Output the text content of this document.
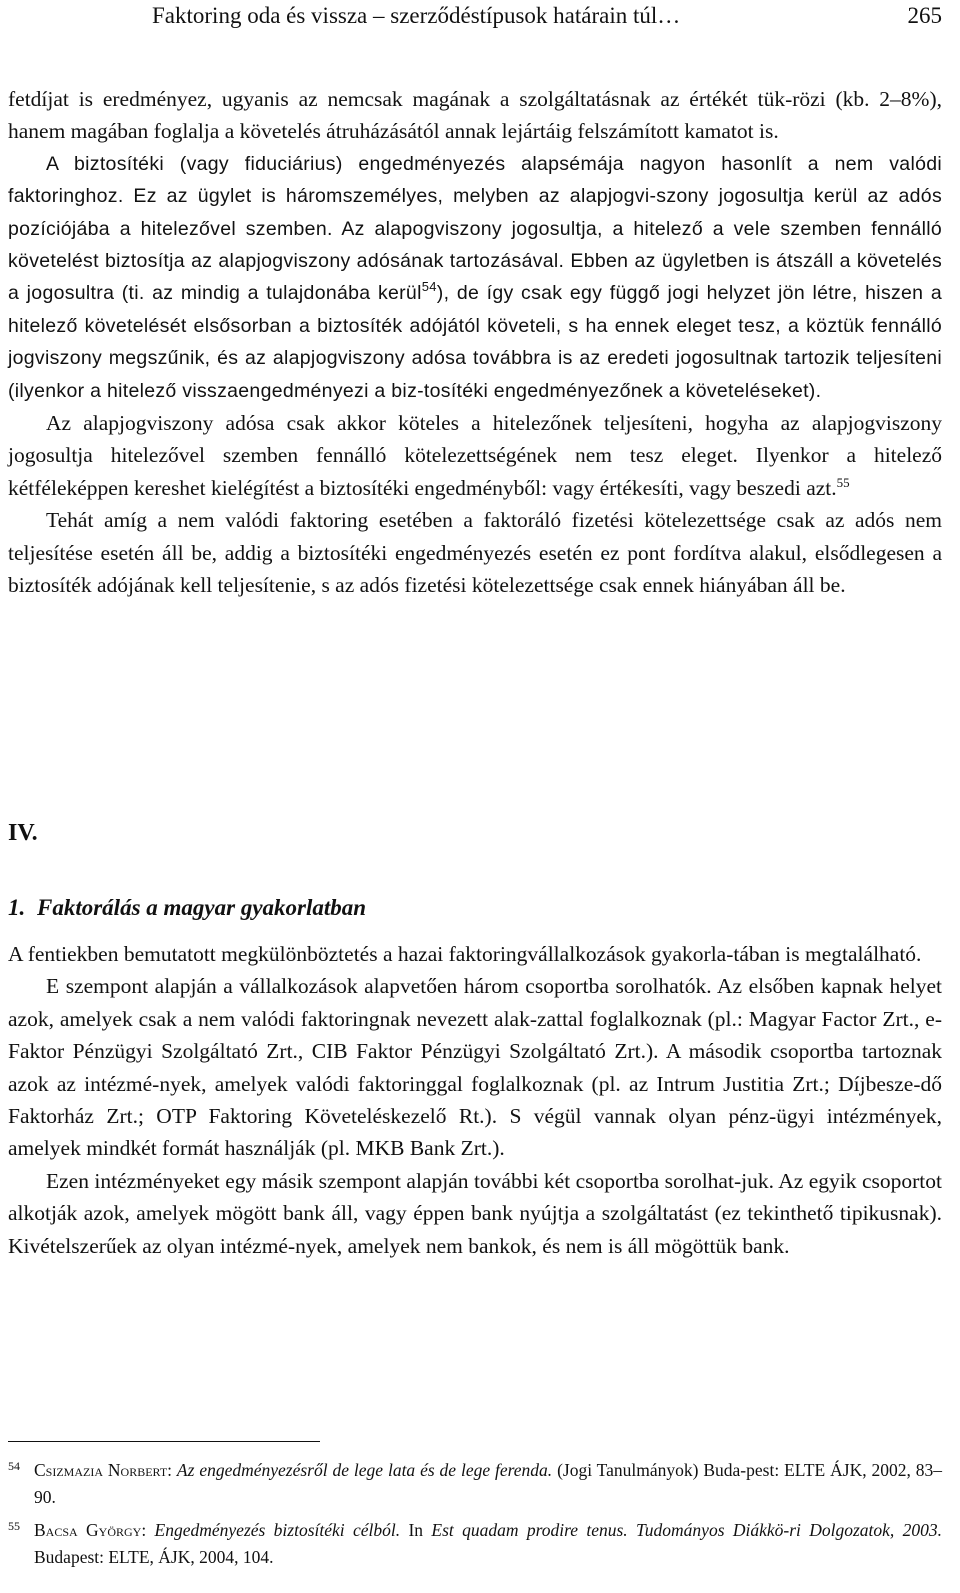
Faktoring oda és vissza – szerződéstípusok határain túl…	265

fetdíjat is eredményez, ugyanis az nemcsak magának a szolgáltatásnak az értékét tük-rözi (kb. 2–8%), hanem magában foglalja a követelés átruházásától annak lejártáig felszámított kamatot is.

A biztosítéki (vagy fiduciárius) engedményezés alapsémája nagyon hasonlít a nem valódi faktoringhoz. Ez az ügylet is háromszemélyes, melyben az alapjogvi-szony jogosultja kerül az adós pozíciójába a hitelezővel szemben. Az alapogviszony jogosultja, a hitelező a vele szemben fennálló követelést biztosítja az alapjogviszony adósának tartozásával. Ebben az ügyletben is átszáll a követelés a jogosultra (ti. az mindig a tulajdonába kerül$^{54}$), de így csak egy függő jogi helyzet jön létre, hiszen a hitelező követelését elsősorban a biztosíték adójától követeli, s ha ennek eleget tesz, a köztük fennálló jogviszony megszűnik, és az alapjogviszony adósa továbbra is az eredeti jogosultnak tartozik teljesíteni (ilyenkor a hitelező visszaengedményezi a biz-tosítéki engedményezőnek a követeléseket).

Az alapjogviszony adósa csak akkor köteles a hitelezőnek teljesíteni, hogyha az alapjogviszony jogosultja hitelezővel szemben fennálló kötelezettségének nem tesz eleget. Ilyenkor a hitelező kétféleképpen kereshet kielégítést a biztosítéki engedményből: vagy értékesíti, vagy beszedi azt.$^{55}$

Tehát amíg a nem valódi faktoring esetében a faktoráló fizetési kötelezettsége csak az adós nem teljesítése esetén áll be, addig a biztosítéki engedményezés esetén ez pont fordítva alakul, elsődlegesen a biztosíték adójának kell teljesítenie, s az adós fizetési kötelezettsége csak ennek hiányában áll be.

IV.
1. Faktorálás a magyar gyakorlatban

A fentiekben bemutatott megkülönböztetés a hazai faktoringvállalkozások gyakorla-tában is megtalálható.

E szempont alapján a vállalkozások alapvetően három csoportba sorolhatók. Az elsőben kapnak helyet azok, amelyek csak a nem valódi faktoringnak nevezett alak-zattal foglalkoznak (pl.: Magyar Factor Zrt., e-Faktor Pénzügyi Szolgáltató Zrt., CIB Faktor Pénzügyi Szolgáltató Zrt.). A második csoportba tartoznak azok az intézmé-nyek, amelyek valódi faktoringgal foglalkoznak (pl. az Intrum Justitia Zrt.; Díjbesze-dő Faktorház Zrt.; OTP Faktoring Követeléskezelő Rt.). S végül vannak olyan pénz-ügyi intézmények, amelyek mindkét formát használják (pl. MKB Bank Zrt.).

Ezen intézményeket egy másik szempont alapján további két csoportba sorolhat-juk. Az egyik csoportot alkotják azok, amelyek mögött bank áll, vagy éppen bank nyújtja a szolgáltatást (ez tekinthető tipikusnak). Kivételszerűek az olyan intézmé-nyek, amelyek nem bankok, és nem is áll mögöttük bank.

54 Csizmazia Norbert: Az engedményezésről de lege lata és de lege ferenda. (Jogi Tanulmányok) Buda-pest: ELTE ÁJK, 2002, 83–90.
55 Bacsa György: Engedményezés biztosítéki célból. In Est quadam prodire tenus. Tudományos Diákkö-ri Dolgozatok, 2003. Budapest: ELTE, ÁJK, 2004, 104.
